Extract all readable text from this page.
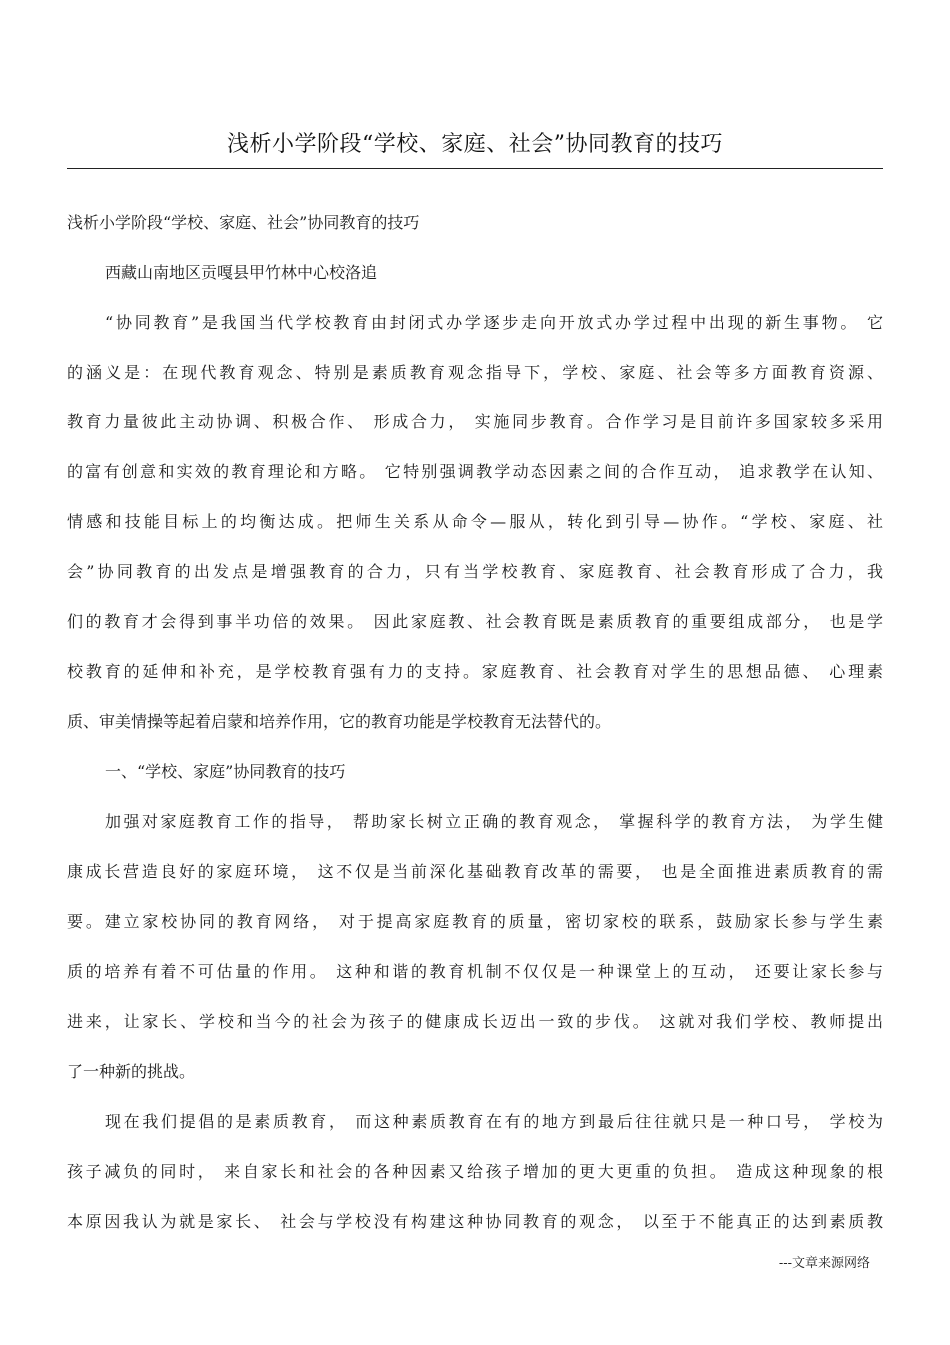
浅析小学阶段“学校、家庭、社会”协同教育的技巧
浅析小学阶段“学校、家庭、社会”协同教育的技巧
西藏山南地区贡嘎县甲竹林中心校洛追
“协同教育”是我国当代学校教育由封闭式办学逐步走向开放式办学过程中出现的新生事物。 它
的涵义是：在现代教育观念、特别是素质教育观念指导下，学校、家庭、社会等多方面教育资源、
教育力量彼此主动协调、积极合作、 形成合力， 实施同步教育。合作学习是目前许多国家较多采用
的富有创意和实效的教育理论和方略。 它特别强调教学动态因素之间的合作互动， 追求教学在认知、
情感和技能目标上的均衡达成。把师生关系从命令—服从，转化到引导—协作。“学校、家庭、社
会”协同教育的出发点是增强教育的合力，只有当学校教育、家庭教育、社会教育形成了合力，我
们的教育才会得到事半功倍的效果。 因此家庭教、社会教育既是素质教育的重要组成部分， 也是学
校教育的延伸和补充，是学校教育强有力的支持。家庭教育、社会教育对学生的思想品德、 心理素
质、审美情操等起着启蒙和培养作用，它的教育功能是学校教育无法替代的。
一、“学校、家庭”协同教育的技巧
加强对家庭教育工作的指导， 帮助家长树立正确的教育观念， 掌握科学的教育方法， 为学生健
康成长营造良好的家庭环境， 这不仅是当前深化基础教育改革的需要， 也是全面推进素质教育的需
要。建立家校协同的教育网络， 对于提高家庭教育的质量，密切家校的联系，鼓励家长参与学生素
质的培养有着不可估量的作用。 这种和谐的教育机制不仅仅是一种课堂上的互动， 还要让家长参与
进来，让家长、学校和当今的社会为孩子的健康成长迈出一致的步伐。 这就对我们学校、教师提出
了一种新的挑战。
现在我们提倡的是素质教育， 而这种素质教育在有的地方到最后往往就只是一种口号， 学校为
孩子减负的同时， 来自家长和社会的各种因素又给孩子增加的更大更重的负担。 造成这种现象的根
本原因我认为就是家长、 社会与学校没有构建这种协同教育的观念， 以至于不能真正的达到素质教
---文章来源网络
